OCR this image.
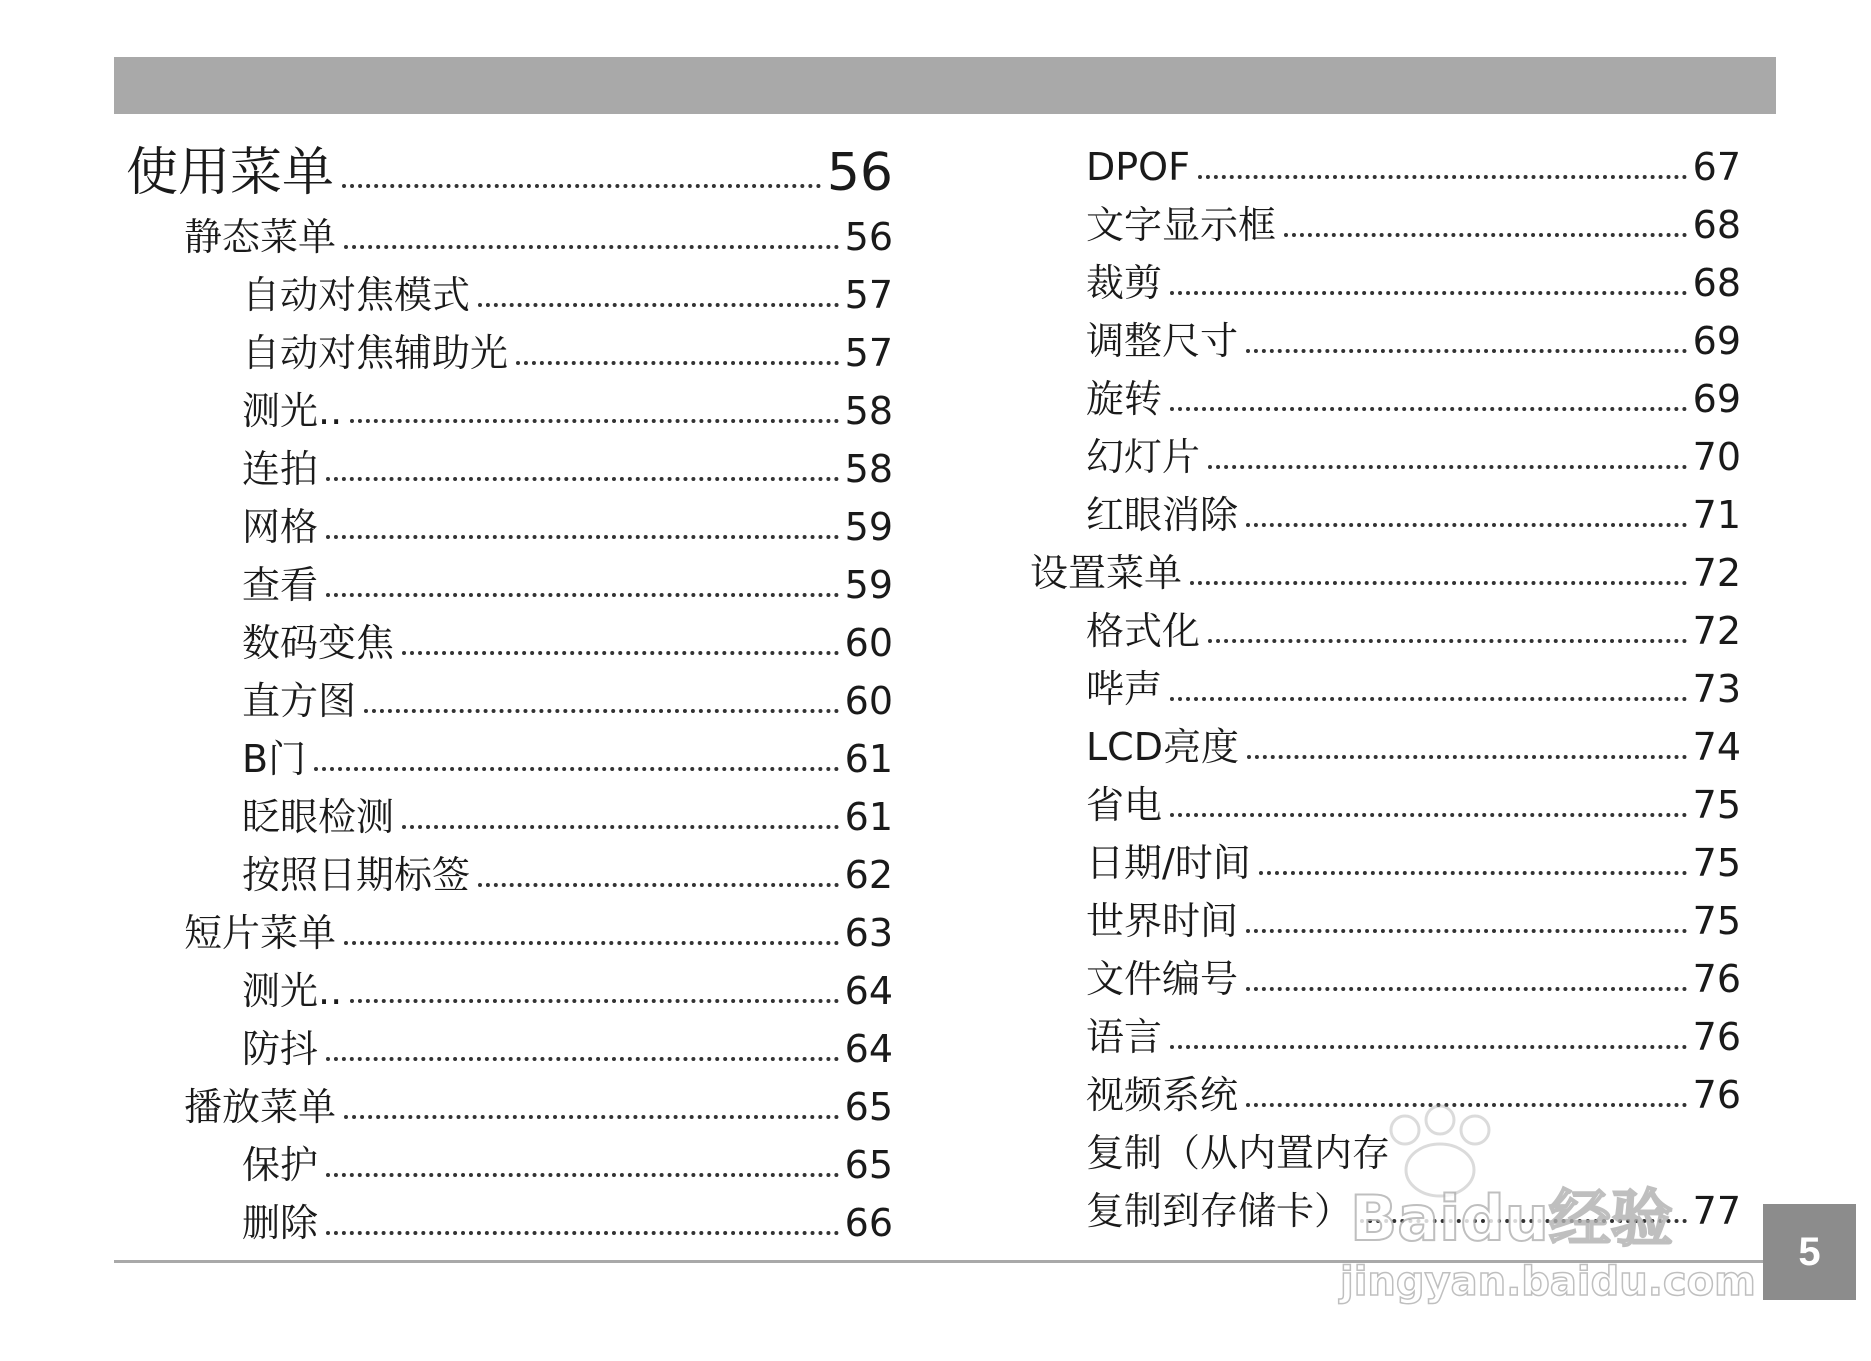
使用菜单	56
静态菜单	56
自动对焦模式	57
自动对焦辅助光	57
测光..	58
连拍	58
网格	59
查看	59
数码变焦	60
直方图	60
B门	61
眨眼检测	61
按照日期标签	62
短片菜单	63
测光..	64
防抖	64
播放菜单	65
保护	65
删除	66
DPOF	67
文字显示框	68
裁剪	68
调整尺寸	69
旋转	69
幻灯片	70
红眼消除	71
设置菜单	72
格式化	72
哔声	73
LCD亮度	74
省电	75
日期/时间	75
世界时间	75
文件编号	76
语言	76
视频系统	76
复制（从内置内存
复制到存储卡）	77
5
Baidu经验
jingyan.baidu.com
